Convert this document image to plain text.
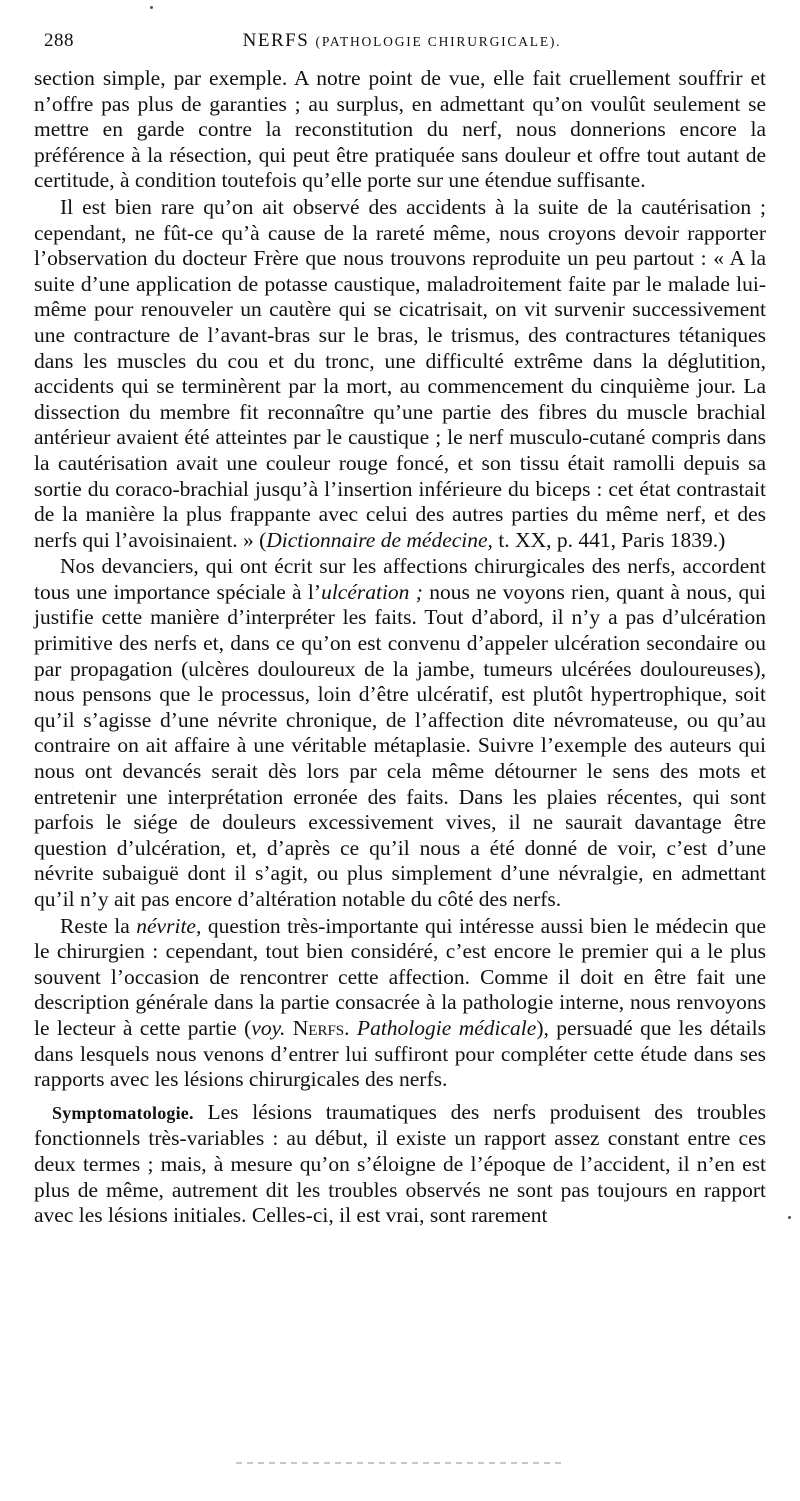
288	NERFS (PATHOLOGIE CHIRURGICALE).

section simple, par exemple. A notre point de vue, elle fait cruellement souffrir et n’offre pas plus de garanties ; au surplus, en admettant qu’on voulût seulement se mettre en garde contre la reconstitution du nerf, nous donnerions encore la préférence à la résection, qui peut être pratiquée sans douleur et offre tout autant de certitude, à condition toutefois qu’elle porte sur une étendue suffisante.

Il est bien rare qu’on ait observé des accidents à la suite de la cautérisation ; cependant, ne fût-ce qu’à cause de la rareté même, nous croyons devoir rapporter l’observation du docteur Frère que nous trouvons reproduite un peu partout : « A la suite d’une application de potasse caustique, maladroitement faite par le malade lui-même pour renouveler un cautère qui se cicatrisait, on vit survenir successivement une contracture de l’avant-bras sur le bras, le trismus, des contractures tétaniques dans les muscles du cou et du tronc, une difficulté extrême dans la déglutition, accidents qui se terminèrent par la mort, au commencement du cinquième jour. La dissection du membre fit reconnaître qu’une partie des fibres du muscle brachial antérieur avaient été atteintes par le caustique ; le nerf musculo-cutané compris dans la cautérisation avait une couleur rouge foncé, et son tissu était ramolli depuis sa sortie du coraco-brachial jusqu’à l’insertion inférieure du biceps : cet état contrastait de la manière la plus frappante avec celui des autres parties du même nerf, et des nerfs qui l’avoisinaient. » (Dictionnaire de médecine, t. XX, p. 441, Paris 1839.)

Nos devanciers, qui ont écrit sur les affections chirurgicales des nerfs, accordent tous une importance spéciale à l’ulcération ; nous ne voyons rien, quant à nous, qui justifie cette manière d’interpréter les faits. Tout d’abord, il n’y a pas d’ulcération primitive des nerfs et, dans ce qu’on est convenu d’appeler ulcération secondaire ou par propagation (ulcères douloureux de la jambe, tumeurs ulcérées douloureuses), nous pensons que le processus, loin d’être ulcératif, est plutôt hypertrophique, soit qu’il s’agisse d’une névrite chronique, de l’affection dite névromateuse, ou qu’au contraire on ait affaire à une véritable métaplasie. Suivre l’exemple des auteurs qui nous ont devancés serait dès lors par cela même détourner le sens des mots et entretenir une interprétation erronée des faits. Dans les plaies récentes, qui sont parfois le siége de douleurs excessivement vives, il ne saurait davantage être question d’ulcération, et, d’après ce qu’il nous a été donné de voir, c’est d’une névrite subaiguë dont il s’agit, ou plus simplement d’une névralgie, en admettant qu’il n’y ait pas encore d’altération notable du côté des nerfs.

Reste la névrite, question très-importante qui intéresse aussi bien le médecin que le chirurgien : cependant, tout bien considéré, c’est encore le premier qui a le plus souvent l’occasion de rencontrer cette affection. Comme il doit en être fait une description générale dans la partie consacrée à la pathologie interne, nous renvoyons le lecteur à cette partie (voy. Nerfs. Pathologie médicale), persuadé que les détails dans lesquels nous venons d’entrer lui suffiront pour compléter cette étude dans ses rapports avec les lésions chirurgicales des nerfs.

Symptomatologie. Les lésions traumatiques des nerfs produisent des troubles fonctionnels très-variables : au début, il existe un rapport assez constant entre ces deux termes ; mais, à mesure qu’on s’éloigne de l’époque de l’accident, il n’en est plus de même, autrement dit les troubles observés ne sont pas toujours en rapport avec les lésions initiales. Celles-ci, il est vrai, sont rarement
